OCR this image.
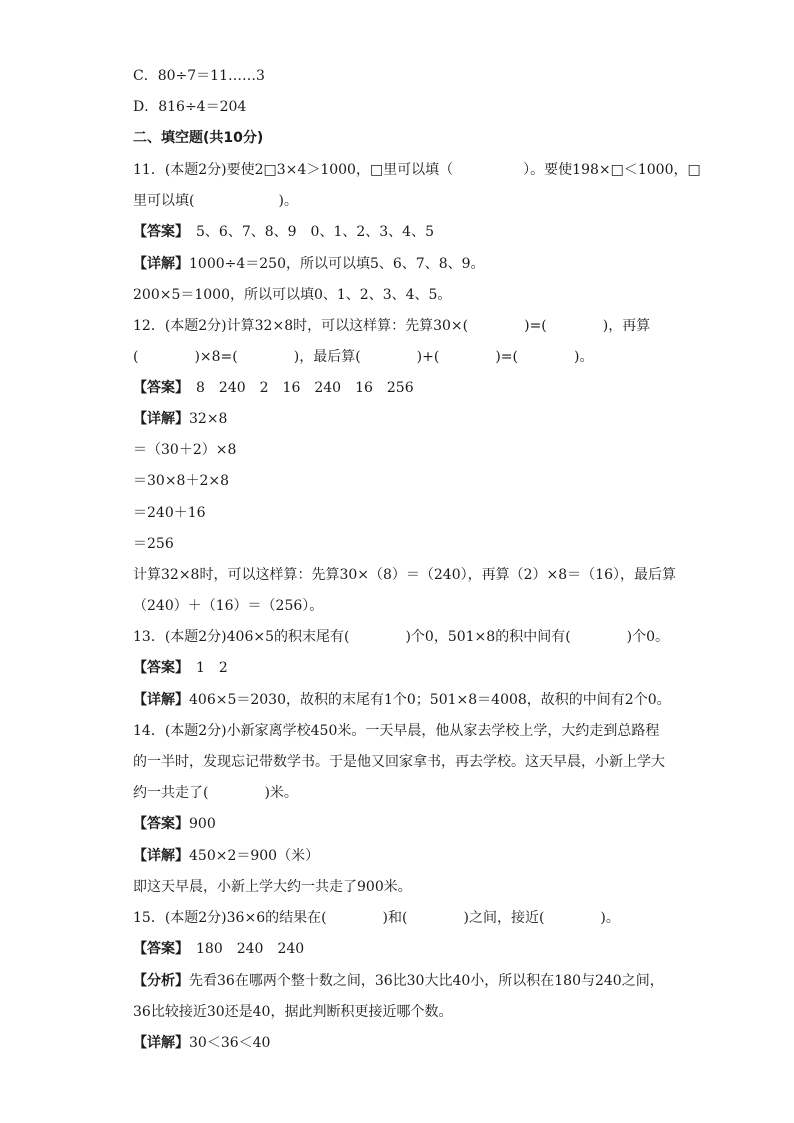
C．80÷7＝11……3
D．816÷4＝204
二、填空题(共10分)
11．(本题2分)要使2□3×4＞1000，□里可以填（　　　　　）。要使198×□＜1000，□
里可以填(　　　　　　)。
【答案】　5、6、7、8、9　0、1、2、3、4、5
【详解】1000÷4＝250，所以可以填5、6、7、8、9。
200×5＝1000，所以可以填0、1、2、3、4、5。
12．(本题2分)计算32×8时，可以这样算：先算30×(　　　　)=(　　　　)，再算
(　　　　)×8=(　　　　)，最后算(　　　　)+(　　　　)=(　　　　)。
【答案】　8　240　2　16　240　16　256
【详解】32×8
＝（30＋2）×8
＝30×8＋2×8
＝240＋16
＝256
计算32×8时，可以这样算：先算30×（8）＝（240），再算（2）×8＝（16），最后算
（240）＋（16）＝（256）。
13．(本题2分)406×5的积末尾有(　　　　)个0，501×8的积中间有(　　　　)个0。
【答案】　1　2
【详解】406×5＝2030，故积的末尾有1个0；501×8＝4008，故积的中间有2个0。
14．(本题2分)小新家离学校450米。一天早晨，他从家去学校上学，大约走到总路程
的一半时，发现忘记带数学书。于是他又回家拿书，再去学校。这天早晨，小新上学大
约一共走了(　　　　)米。
【答案】900
【详解】450×2＝900（米）
即这天早晨，小新上学大约一共走了900米。
15．(本题2分)36×6的结果在(　　　　)和(　　　　)之间，接近(　　　　)。
【答案】　180　240　240
【分析】先看36在哪两个整十数之间，36比30大比40小，所以积在180与240之间，
36比较接近30还是40，据此判断积更接近哪个数。
【详解】30＜36＜40
